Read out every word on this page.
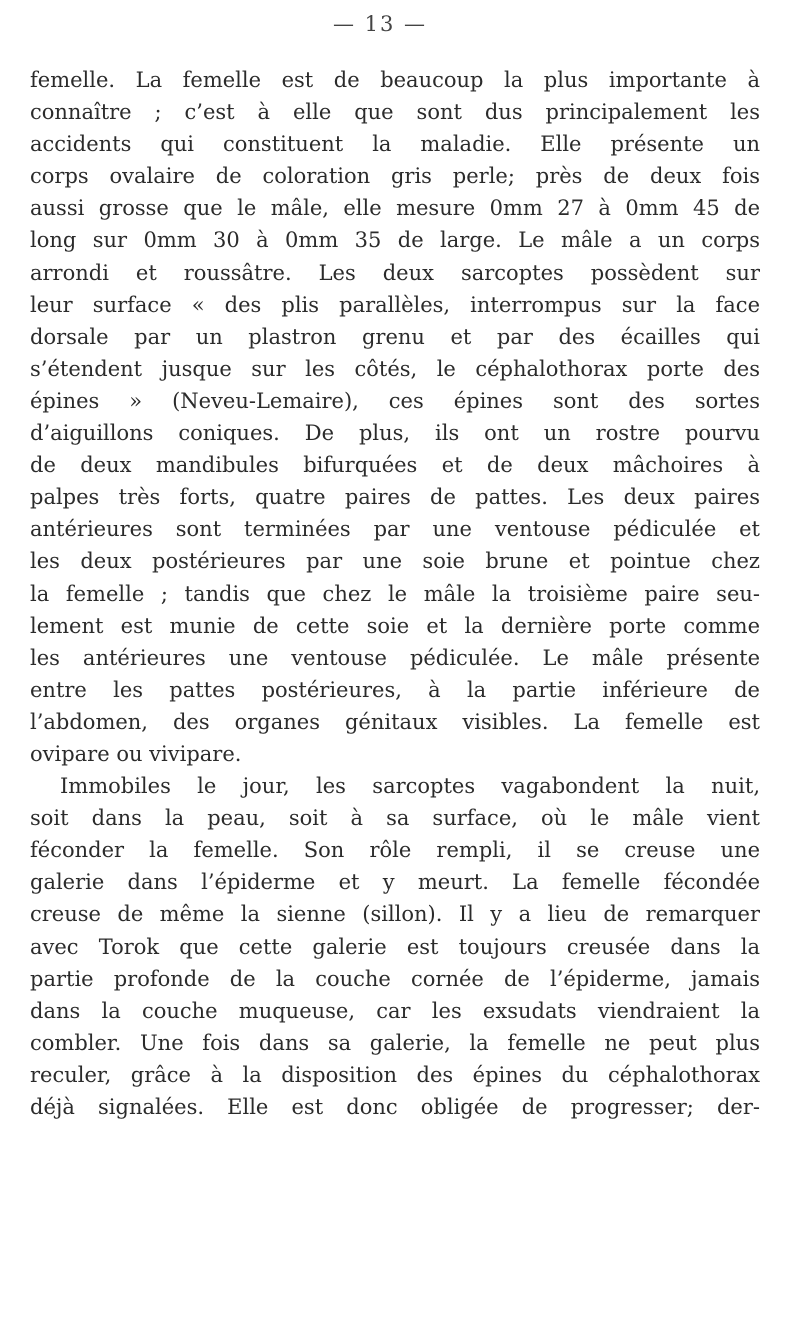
— 13 —
femelle. La femelle est de beaucoup la plus importante à
connaître ; c’est à elle que sont dus principalement les
accidents qui constituent la maladie. Elle présente un
corps ovalaire de coloration gris perle; près de deux fois
aussi grosse que le mâle, elle mesure 0mm 27 à 0mm 45 de
long sur 0mm 30 à 0mm 35 de large. Le mâle a un corps
arrondi et roussâtre. Les deux sarcoptes possèdent sur
leur surface « des plis parallèles, interrompus sur la face
dorsale par un plastron grenu et par des écailles qui
s’étendent jusque sur les côtés, le céphalothorax porte des
épines » (Neveu-Lemaire), ces épines sont des sortes
d’aiguillons coniques. De plus, ils ont un rostre pourvu
de deux mandibules bifurquées et de deux mâchoires à
palpes très forts, quatre paires de pattes. Les deux paires
antérieures sont terminées par une ventouse pédiculée et
les deux postérieures par une soie brune et pointue chez
la femelle ; tandis que chez le mâle la troisième paire seu-
lement est munie de cette soie et la dernière porte comme
les antérieures une ventouse pédiculée. Le mâle présente
entre les pattes postérieures, à la partie inférieure de
l’abdomen, des organes génitaux visibles. La femelle est
ovipare ou vivipare.
Immobiles le jour, les sarcoptes vagabondent la nuit,
soit dans la peau, soit à sa surface, où le mâle vient
féconder la femelle. Son rôle rempli, il se creuse une
galerie dans l’épiderme et y meurt. La femelle fécondée
creuse de même la sienne (sillon). Il y a lieu de remarquer
avec Torok que cette galerie est toujours creusée dans la
partie profonde de la couche cornée de l’épiderme, jamais
dans la couche muqueuse, car les exsudats viendraient la
combler. Une fois dans sa galerie, la femelle ne peut plus
reculer, grâce à la disposition des épines du céphalothorax
déjà signalées. Elle est donc obligée de progresser; der-
